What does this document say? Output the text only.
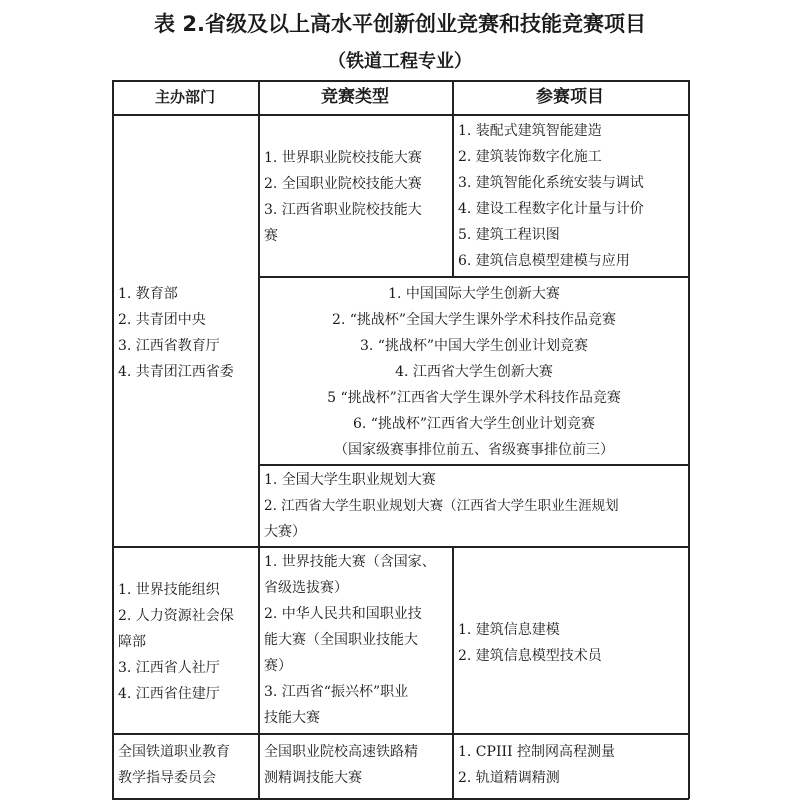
表 2.省级及以上高水平创新创业竞赛和技能竞赛项目
（铁道工程专业）
主办部门	竞赛类型	参赛项目
1. 教育部
2. 共青团中央
3. 江西省教育厅
4. 共青团江西省委
1. 世界职业院校技能大赛
2. 全国职业院校技能大赛
3. 江西省职业院校技能大
赛
1. 装配式建筑智能建造
2. 建筑装饰数字化施工
3. 建筑智能化系统安装与调试
4. 建设工程数字化计量与计价
5. 建筑工程识图
6. 建筑信息模型建模与应用
1. 中国国际大学生创新大赛
2. “挑战杯”全国大学生课外学术科技作品竞赛
3. “挑战杯”中国大学生创业计划竞赛
4. 江西省大学生创新大赛
5 “挑战杯”江西省大学生课外学术科技作品竞赛
6. “挑战杯”江西省大学生创业计划竞赛
（国家级赛事排位前五、省级赛事排位前三）
1. 全国大学生职业规划大赛
2. 江西省大学生职业规划大赛（江西省大学生职业生涯规划
大赛）
1. 世界技能组织
2. 人力资源社会保
障部
3. 江西省人社厅
4. 江西省住建厅
1. 世界技能大赛（含国家、
省级选拔赛）
2. 中华人民共和国职业技
能大赛（全国职业技能大
赛）
3. 江西省“振兴杯”职业
技能大赛
1. 建筑信息建模
2. 建筑信息模型技术员
全国铁道职业教育
教学指导委员会
全国职业院校高速铁路精
测精调技能大赛
1. CPIII 控制网高程测量
2. 轨道精调精测
